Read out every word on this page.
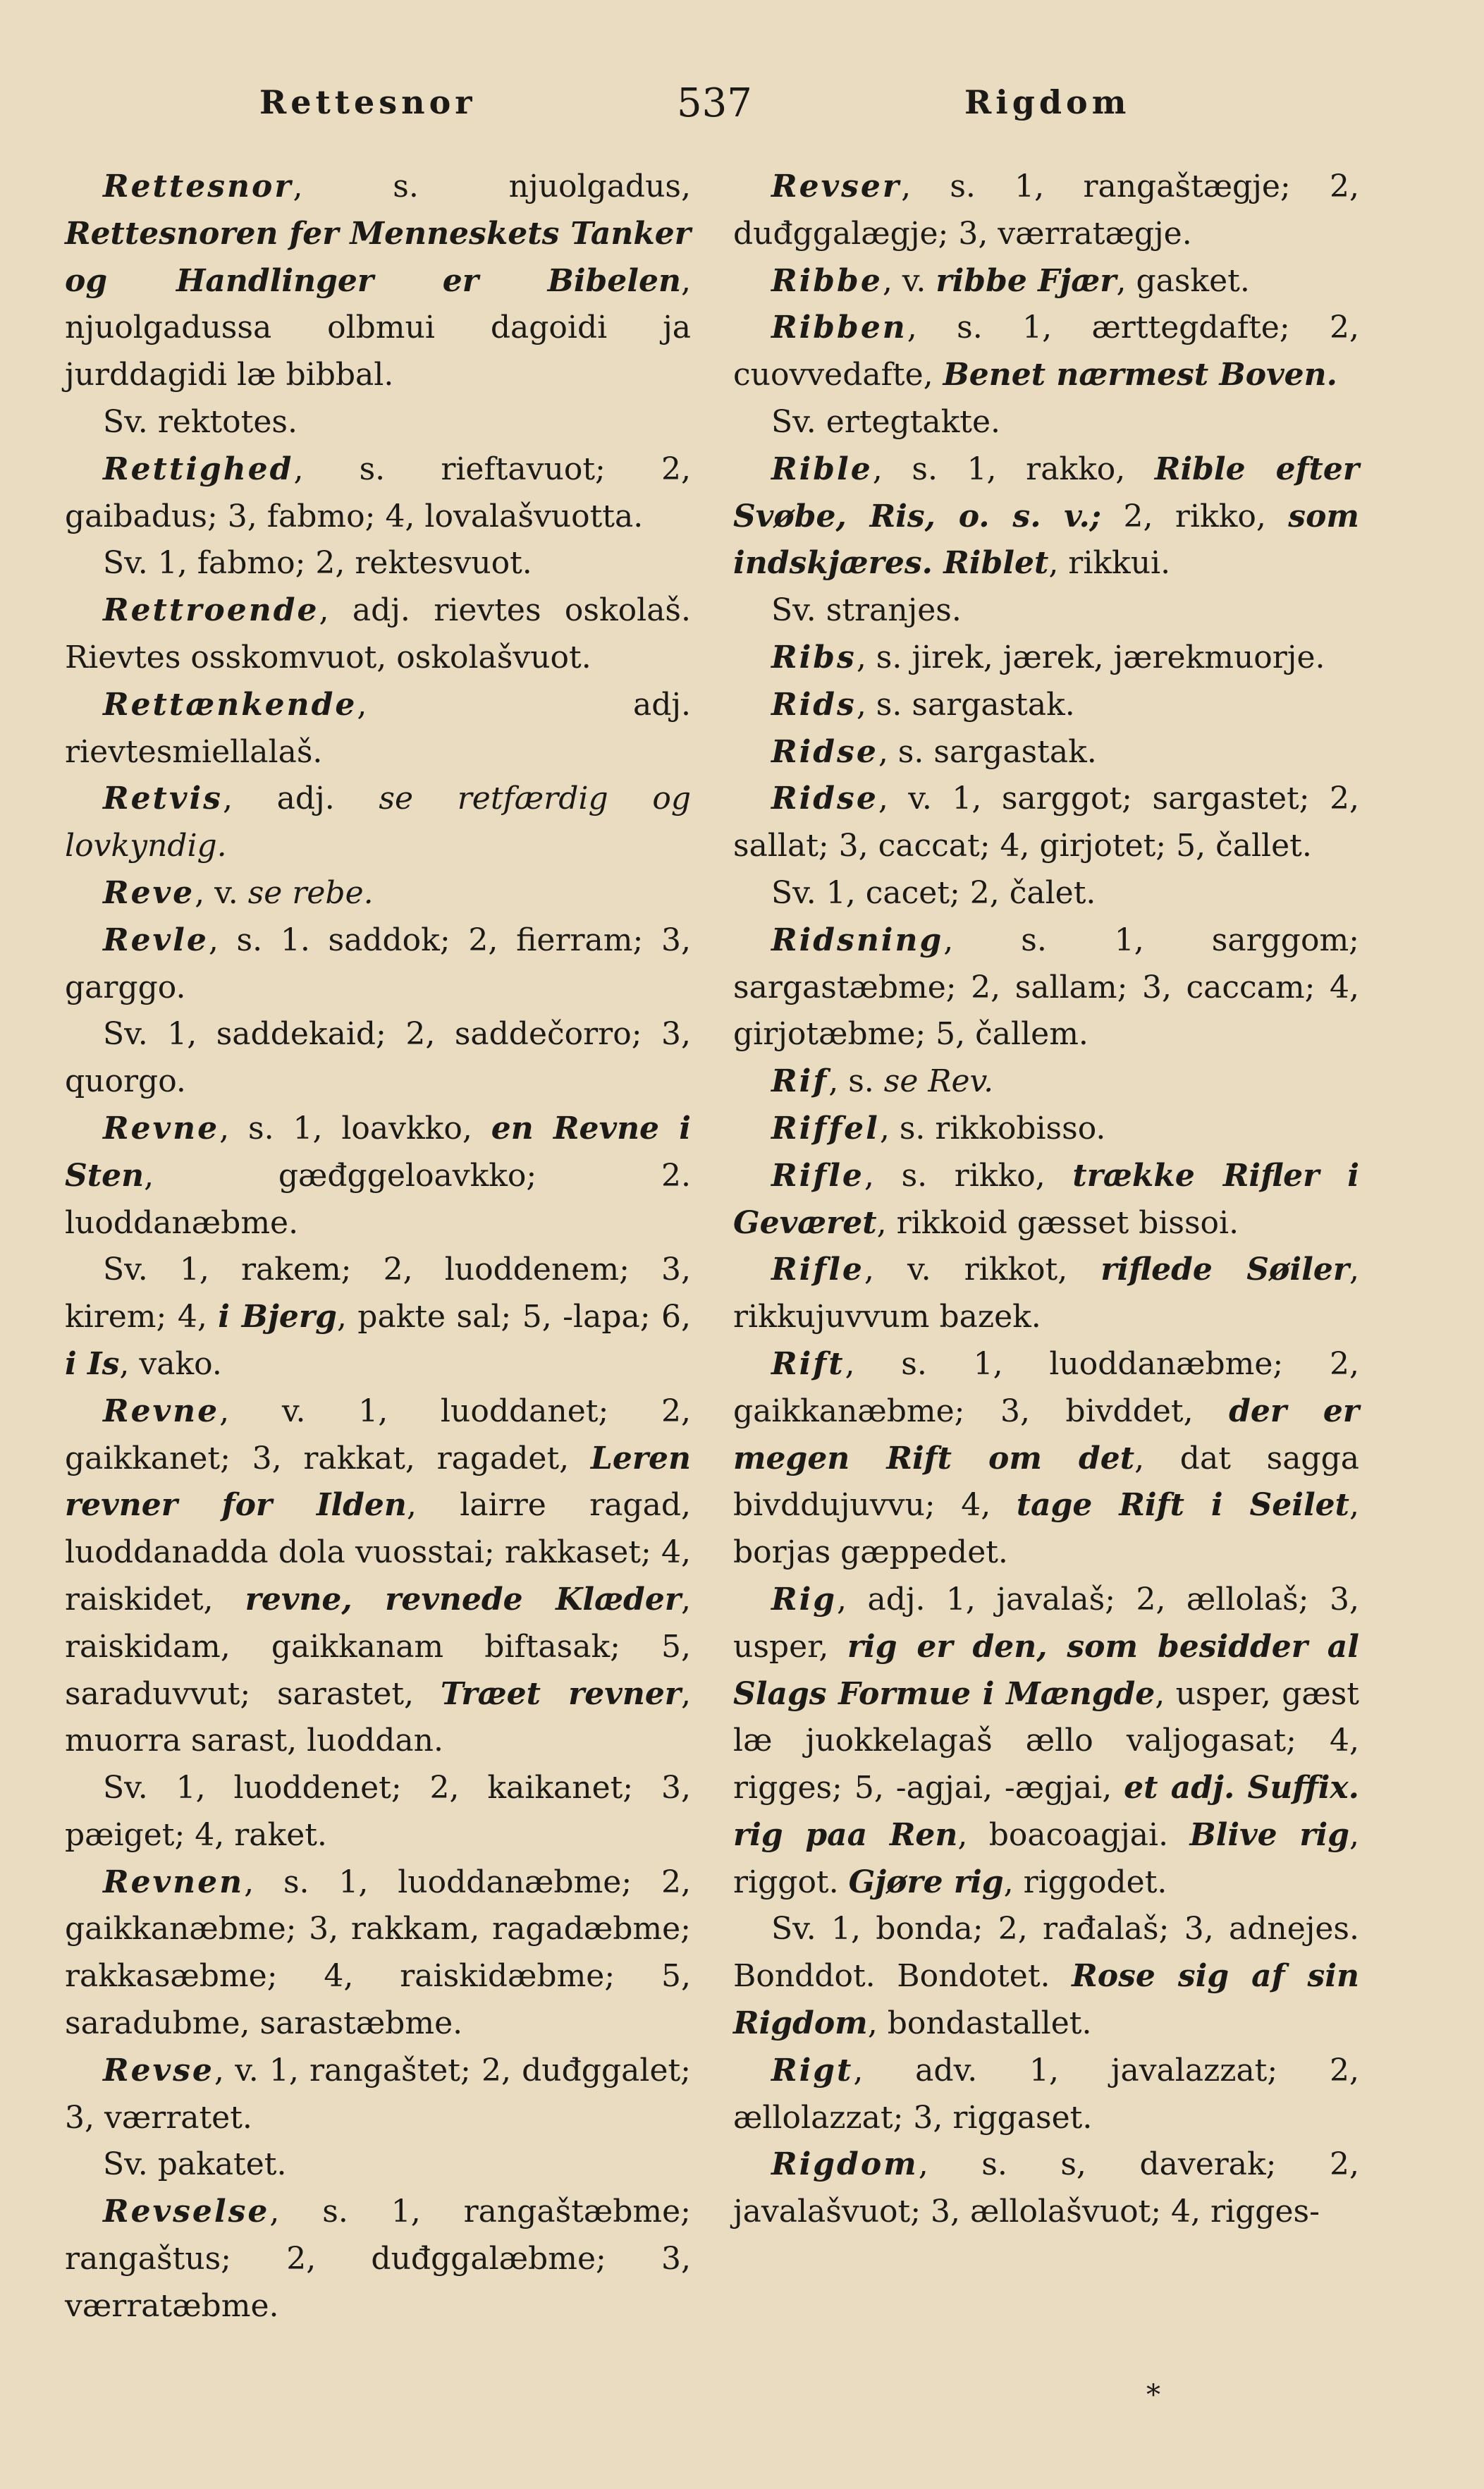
Rettesnor	537	Rigdom

Rettesnor, s. njuolgadus, Rettesnoren fer Menneskets Tanker og Handlinger er Bibelen, njuolgadussa olbmui dagoidi ja jurddagidi læ bibbal.

Sv. rektotes.

Rettighed, s. rieftavuot; 2, gaibadus; 3, fabmo; 4, lovalašvuotta.

Sv. 1, fabmo; 2, rektesvuot.

Rettroende, adj. rievtes oskolaš. Rievtes osskomvuot, oskolašvuot.

Rettænkende, adj. rievtesmiellalaš.

Retvis, adj. se retfærdig og lovkyndig.

Reve, v. se rebe.

Revle, s. 1. saddok; 2, fierram; 3, garggo.

Sv. 1, saddekaid; 2, saddečorro; 3, quorgo.

Revne, s. 1, loavkko, en Revne i Sten, gæđggeloavkko; 2. luoddanæbme.

Sv. 1, rakem; 2, luoddenem; 3, kirem; 4, i Bjerg, pakte sal; 5, -lapa; 6, i Is, vako.

Revne, v. 1, luoddanet; 2, gaikkanet; 3, rakkat, ragadet, Leren revner for Ilden, lairre ragad, luoddanadda dola vuosstai; rakkaset; 4, raiskidet, revne, revnede Klæder, raiskidam, gaikkanam biftasak; 5, saraduvvut; sarastet, Træet revner, muorra sarast, luoddan.

Sv. 1, luoddenet; 2, kaikanet; 3, pæiget; 4, raket.

Revnen, s. 1, luoddanæbme; 2, gaikkanæbme; 3, rakkam, ragadæbme; rakkasæbme; 4, raiskidæbme; 5, saradubme, sarastæbme.

Revse, v. 1, rangaštet; 2, duđggalet; 3, værratet.

Sv. pakatet.

Revselse, s. 1, rangaštæbme; rangaštus; 2, duđggalæbme; 3, værratæbme.

Revser, s. 1, rangaštægje; 2, duđggalægje; 3, værratægje.

Ribbe, v. ribbe Fjær, gasket.

Ribben, s. 1, ærttegdafte; 2, cuovvedafte, Benet nærmest Boven.

Sv. ertegtakte.

Rible, s. 1, rakko, Rible efter Svøbe, Ris, o. s. v.; 2, rikko, som indskjæres. Riblet, rikkui.

Sv. stranjes.

Ribs, s. jirek, jærek, jærekmuorje.

Rids, s. sargastak.

Ridse, s. sargastak.

Ridse, v. 1, sarggot; sargastet; 2, sallat; 3, caccat; 4, girjotet; 5, čallet.

Sv. 1, cacet; 2, čalet.

Ridsning, s. 1, sarggom; sargastæbme; 2, sallam; 3, caccam; 4, girjotæbme; 5, čallem.

Rif, s. se Rev.

Riffel, s. rikkobisso.

Rifle, s. rikko, trække Rifler i Geværet, rikkoid gæsset bissoi.

Rifle, v. rikkot, riflede Søiler, rikkujuvvum bazek.

Rift, s. 1, luoddanæbme; 2, gaikkanæbme; 3, bivddet, der er megen Rift om det, dat sagga bivddujuvvu; 4, tage Rift i Seilet, borjas gæppedet.

Rig, adj. 1, javalaš; 2, ællolaš; 3, usper, rig er den, som besidder al Slags Formue i Mængde, usper, gæst læ juokkelagaš ællo valjogasat; 4, rigges; 5, -agjai, -ægjai, et adj. Suffix. rig paa Ren, boacoagjai. Blive rig, riggot. Gjøre rig, riggodet.

Sv. 1, bonda; 2, rađalaš; 3, adnejes. Bonddot. Bondotet. Rose sig af sin Rigdom, bondastallet.

Rigt, adv. 1, javalazzat; 2, ællolazzat; 3, riggaset.

Rigdom, s. s, daverak; 2, javalašvuot; 3, ællolašvuot; 4, rigges-

*
